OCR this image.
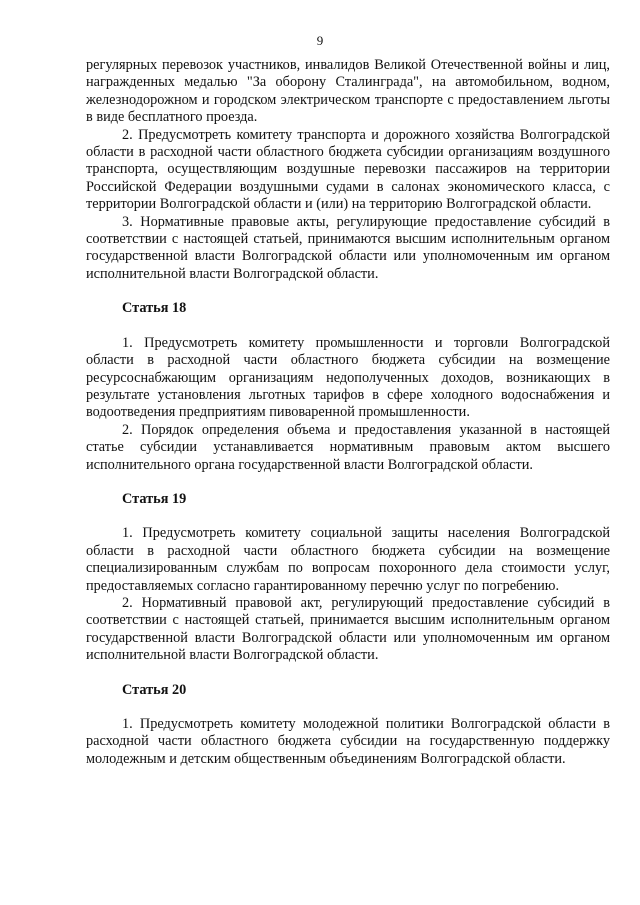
9

регулярных перевозок участников, инвалидов Великой Отечественной войны и лиц, награжденных медалью "За оборону Сталинграда", на автомобильном, водном, железнодорожном и городском электрическом транспорте с предоставлением льготы в виде бесплатного проезда.

2. Предусмотреть комитету транспорта и дорожного хозяйства Волгоградской области в расходной части областного бюджета субсидии организациям воздушного транспорта, осуществляющим воздушные перевозки пассажиров на территории Российской Федерации воздушными судами в салонах экономического класса, с территории Волгоградской области и (или) на территорию Волгоградской области.

3. Нормативные правовые акты, регулирующие предоставление субсидий в соответствии с настоящей статьей, принимаются высшим исполнительным органом государственной власти Волгоградской области или уполномоченным им органом исполнительной власти Волгоградской области.

Статья 18

1. Предусмотреть комитету промышленности и торговли Волгоградской области в расходной части областного бюджета субсидии на возмещение ресурсоснабжающим организациям недополученных доходов, возникающих в результате установления льготных тарифов в сфере холодного водоснабжения и водоотведения предприятиям пивоваренной промышленности.

2. Порядок определения объема и предоставления указанной в настоящей статье субсидии устанавливается нормативным правовым актом высшего исполнительного органа государственной власти Волгоградской области.

Статья 19

1. Предусмотреть комитету социальной защиты населения Волгоградской области в расходной части областного бюджета субсидии на возмещение специализированным службам по вопросам похоронного дела стоимости услуг, предоставляемых согласно гарантированному перечню услуг по погребению.

2. Нормативный правовой акт, регулирующий предоставление субсидий в соответствии с настоящей статьей, принимается высшим исполнительным органом государственной власти Волгоградской области или уполномоченным им органом исполнительной власти Волгоградской области.

Статья 20

1. Предусмотреть комитету молодежной политики Волгоградской области в расходной части областного бюджета субсидии на государственную поддержку молодежным и детским общественным объединениям Волгоградской области.
